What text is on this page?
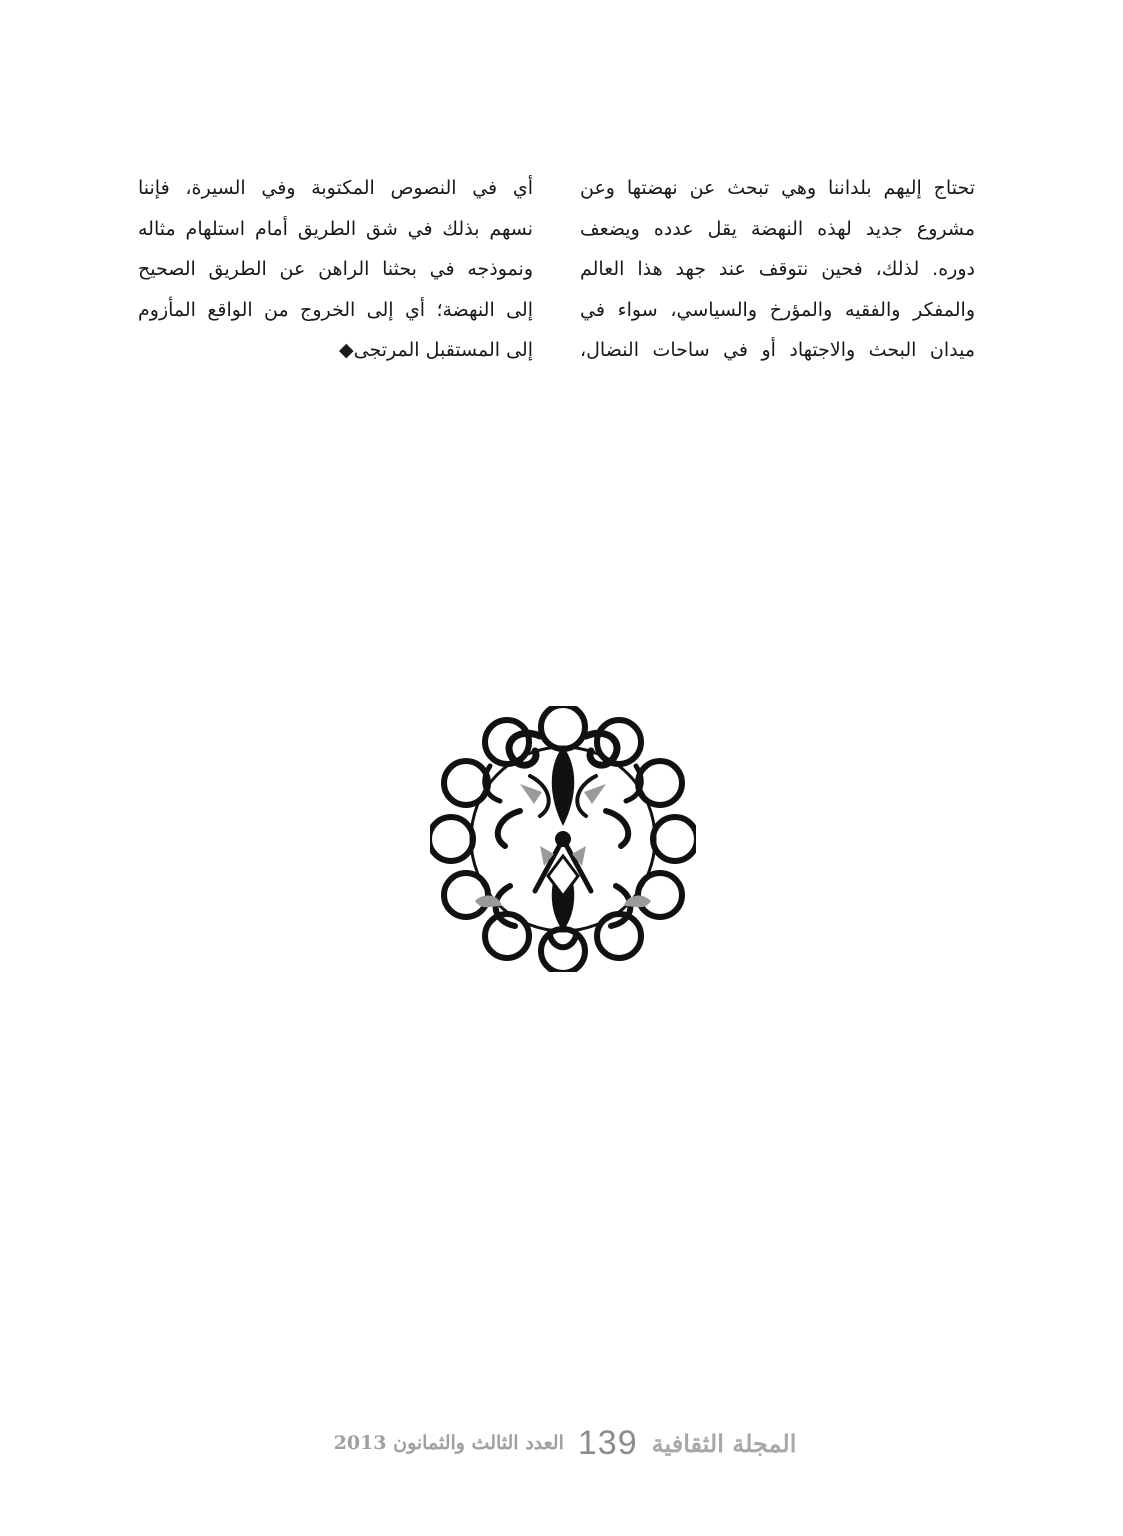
تحتاج إليهم بلداننا وهي تبحث عن نهضتها وعن
مشروع جديد لهذه النهضة يقل عدده ويضعف
دوره. لذلك، فحين نتوقف عند جهد هذا العالم
والمفكر والفقيه والمؤرخ والسياسي، سواء في
ميدان البحث والاجتهاد أو في ساحات النضال،
أي في النصوص المكتوبة وفي السيرة، فإننا
نسهم بذلك في شق الطريق أمام استلهام مثاله
ونموذجه في بحثنا الراهن عن الطريق الصحيح
إلى النهضة؛ أي إلى الخروج من الواقع المأزوم
إلى المستقبل المرتجى◆
المجلة الثقافية
139
العدد الثالث والثمانون 2013
